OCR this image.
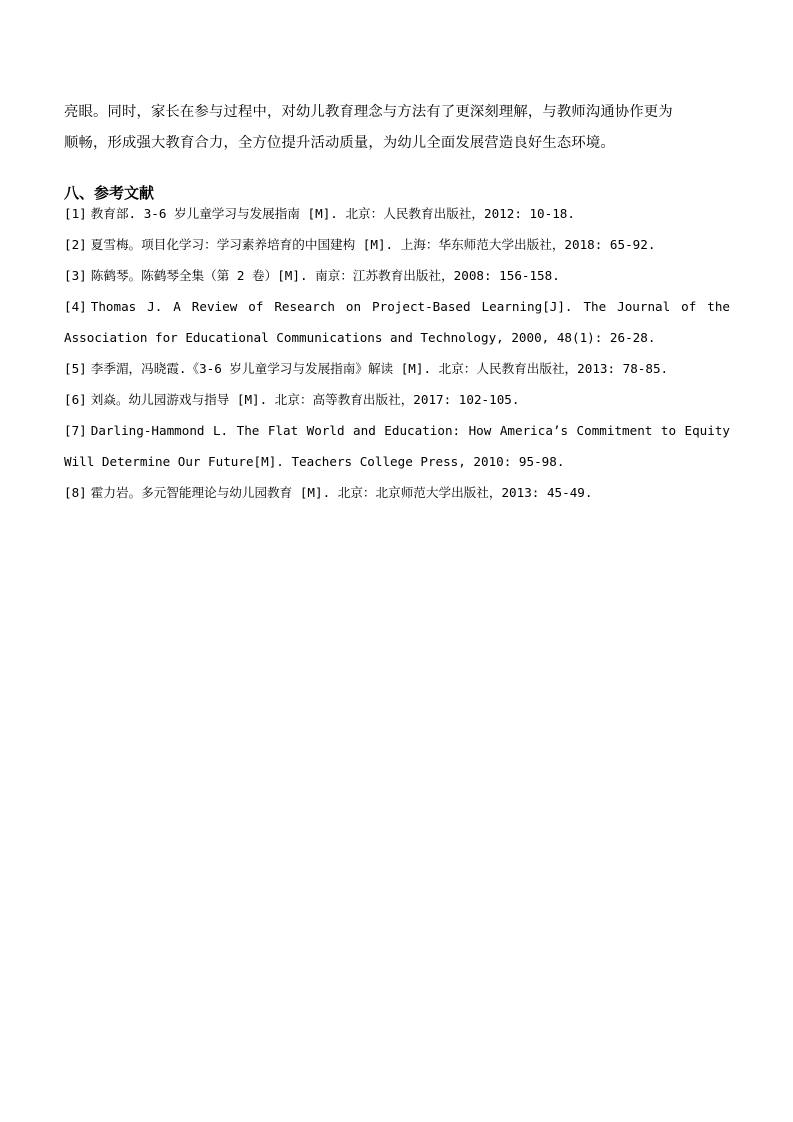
亮眼。同时，家长在参与过程中，对幼儿教育理念与方法有了更深刻理解，与教师沟通协作更为
顺畅，形成强大教育合力，全方位提升活动质量，为幼儿全面发展营造良好生态环境。

八、参考文献

[1] 教育部. 3-6 岁儿童学习与发展指南 [M]. 北京：人民教育出版社，2012: 10-18.

[2] 夏雪梅。项目化学习：学习素养培育的中国建构 [M]. 上海：华东师范大学出版社，2018: 65-92.

[3] 陈鹤琴。陈鹤琴全集（第 2 卷）[M]. 南京：江苏教育出版社，2008: 156-158.

[4] Thomas J. A Review of Research on Project-Based Learning[J]. The Journal of the Association for Educational Communications and Technology, 2000, 48(1): 26-28.

[5] 李季湄，冯晓霞.《3-6 岁儿童学习与发展指南》解读 [M]. 北京：人民教育出版社，2013: 78-85.

[6] 刘焱。幼儿园游戏与指导 [M]. 北京：高等教育出版社，2017: 102-105.

[7] Darling-Hammond L. The Flat World and Education: How America’s Commitment to Equity Will Determine Our Future[M]. Teachers College Press, 2010: 95-98.

[8] 霍力岩。多元智能理论与幼儿园教育 [M]. 北京：北京师范大学出版社，2013: 45-49.
